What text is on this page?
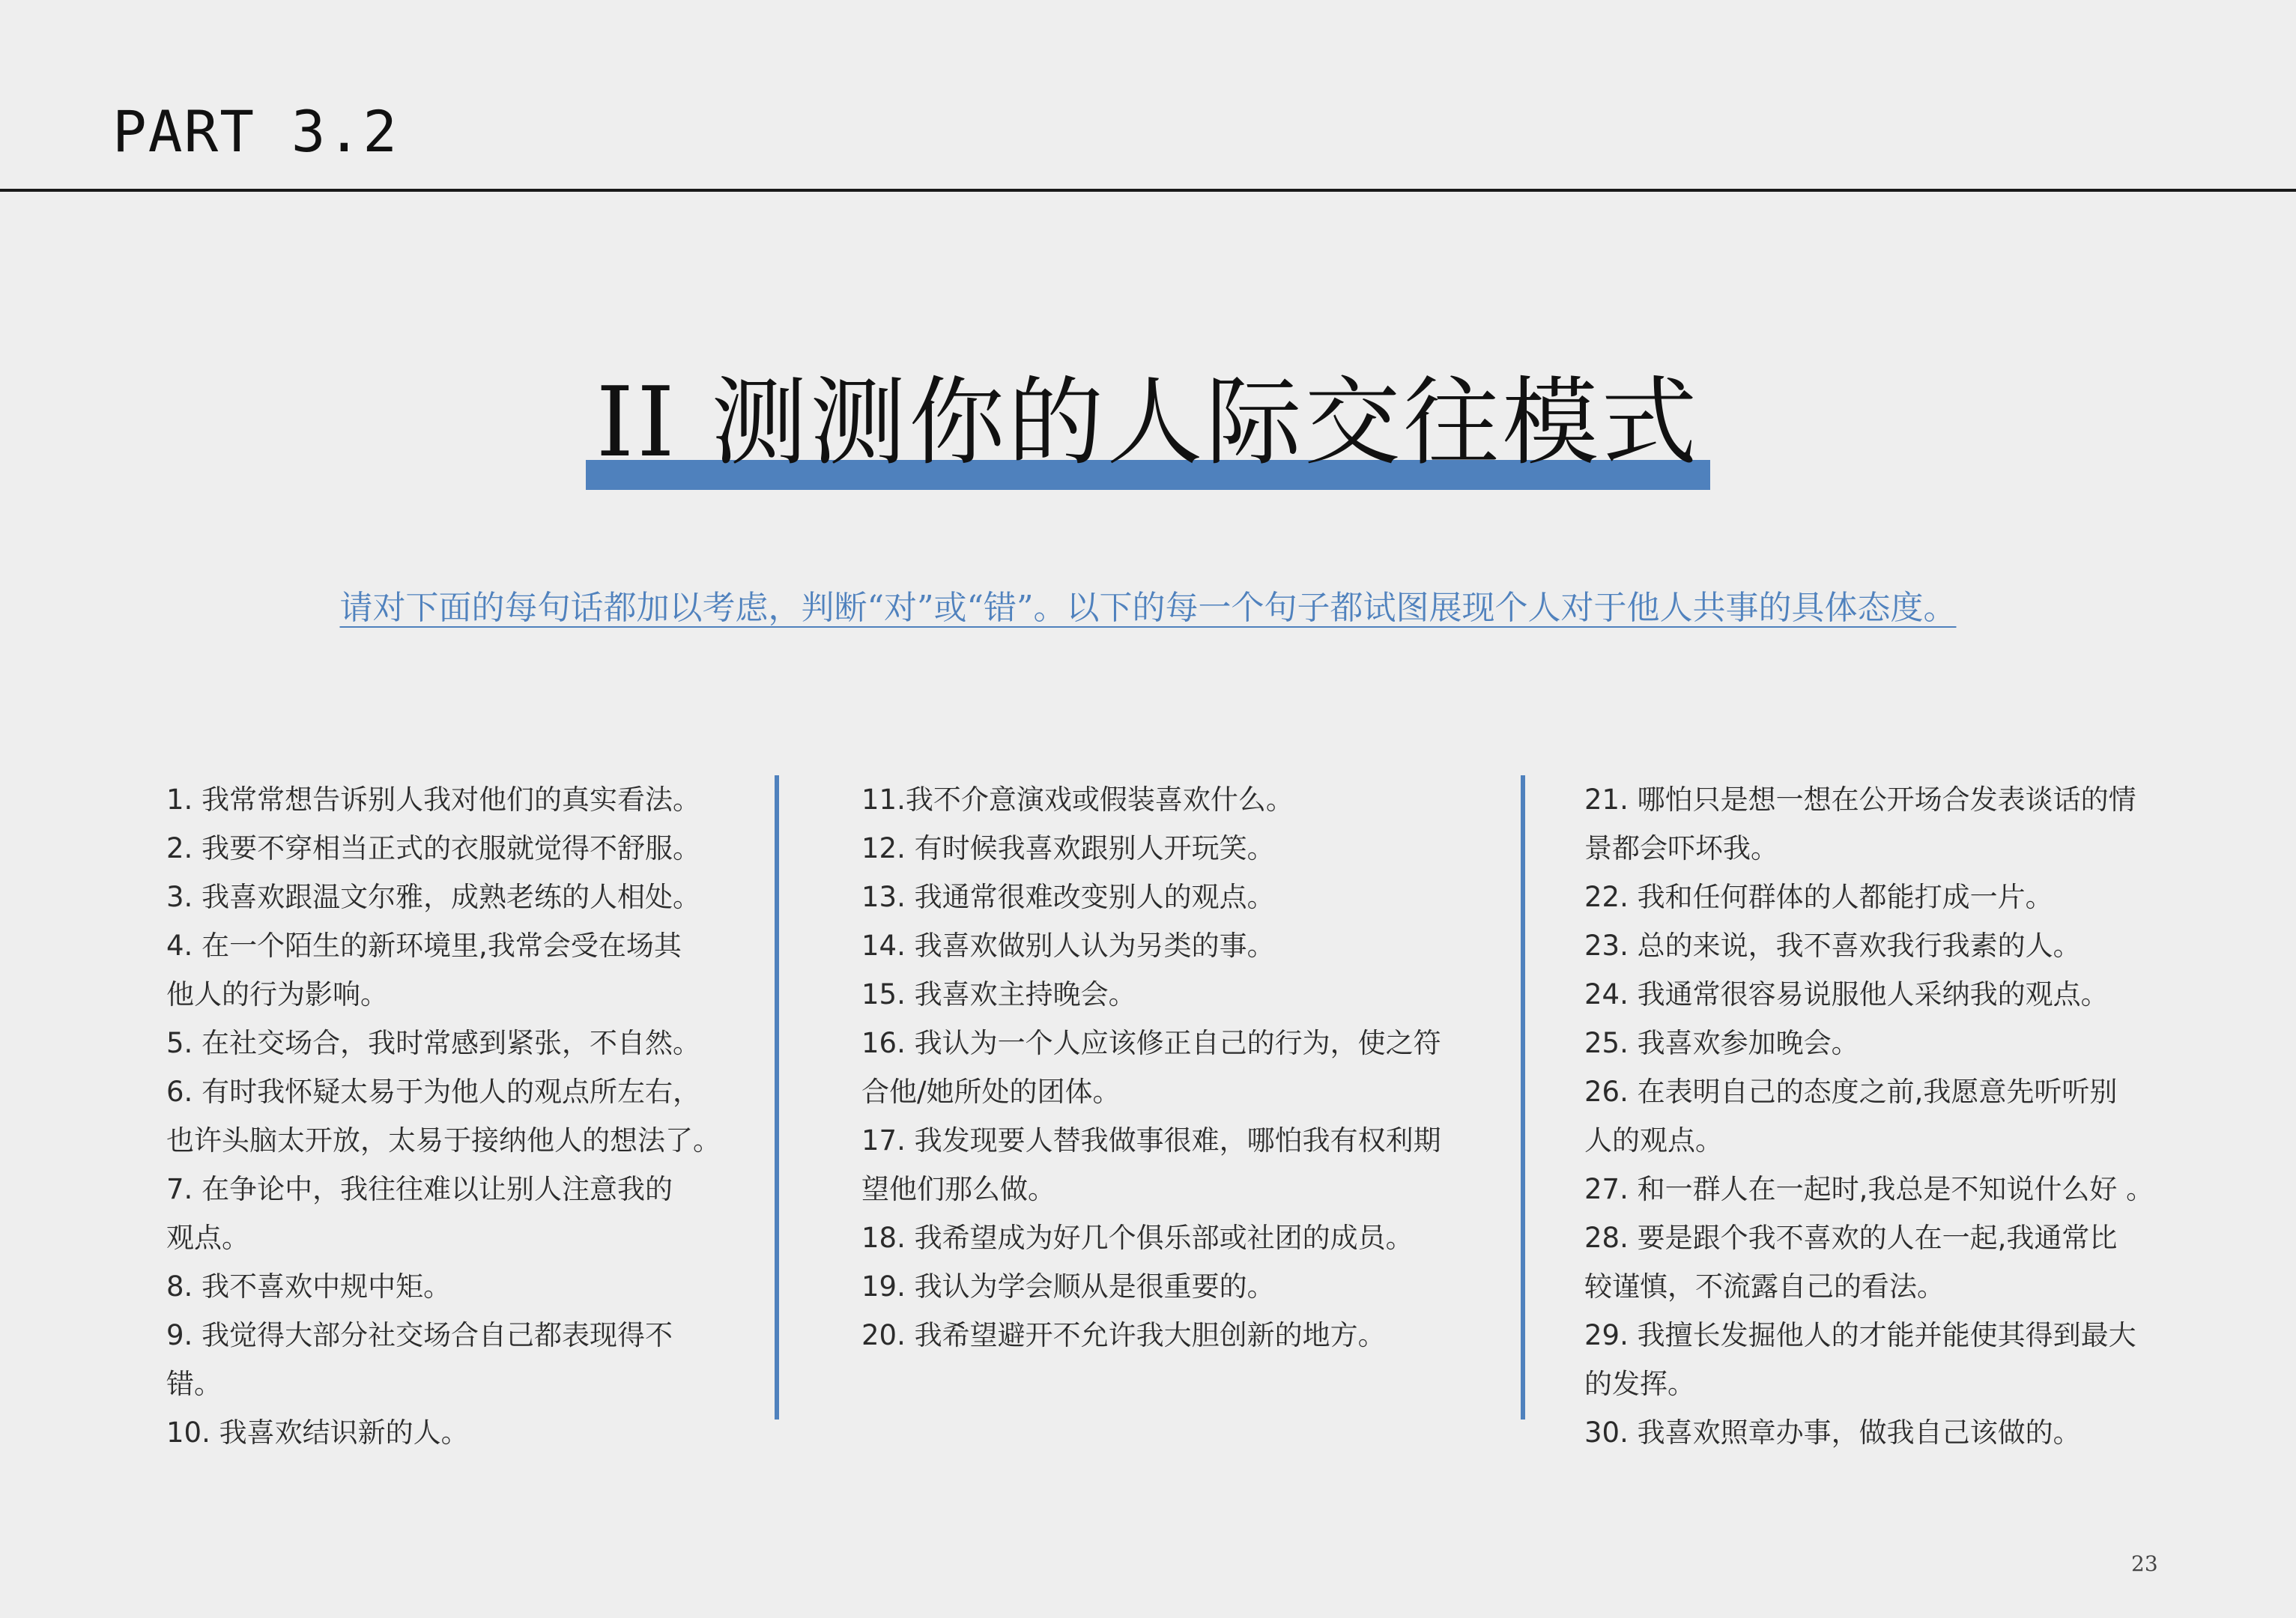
PART 3.2
II 测测你的人际交往模式
请对下面的每句话都加以考虑，判断“对”或“错”。以下的每一个句子都试图展现个人对于他人共事的具体态度。

1. 我常常想告诉别人我对他们的真实看法。

2. 我要不穿相当正式的衣服就觉得不舒服。

3. 我喜欢跟温文尔雅，成熟老练的人相处。

4. 在一个陌生的新环境里,我常会受在场其

他人的行为影响。

5. 在社交场合，我时常感到紧张，不自然。

6. 有时我怀疑太易于为他人的观点所左右，

也许头脑太开放，太易于接纳他人的想法了。

7. 在争论中，我往往难以让别人注意我的

观点。

8. 我不喜欢中规中矩。

9. 我觉得大部分社交场合自己都表现得不

错。

10. 我喜欢结识新的人。

11.我不介意演戏或假装喜欢什么。

12. 有时候我喜欢跟别人开玩笑。

13. 我通常很难改变别人的观点。

14. 我喜欢做别人认为另类的事。

15. 我喜欢主持晚会。

16. 我认为一个人应该修正自己的行为，使之符

合他/她所处的团体。

17. 我发现要人替我做事很难，哪怕我有权利期

望他们那么做。

18. 我希望成为好几个俱乐部或社团的成员。

19. 我认为学会顺从是很重要的。

20. 我希望避开不允许我大胆创新的地方。

21. 哪怕只是想一想在公开场合发表谈话的情

景都会吓坏我。

22. 我和任何群体的人都能打成一片。

23. 总的来说，我不喜欢我行我素的人。

24. 我通常很容易说服他人采纳我的观点。

25. 我喜欢参加晚会。

26. 在表明自己的态度之前,我愿意先听听别

人的观点。

27. 和一群人在一起时,我总是不知说什么好 。

28. 要是跟个我不喜欢的人在一起,我通常比

较谨慎，不流露自己的看法。

29. 我擅长发掘他人的才能并能使其得到最大

的发挥。

30. 我喜欢照章办事，做我自己该做的。

23
